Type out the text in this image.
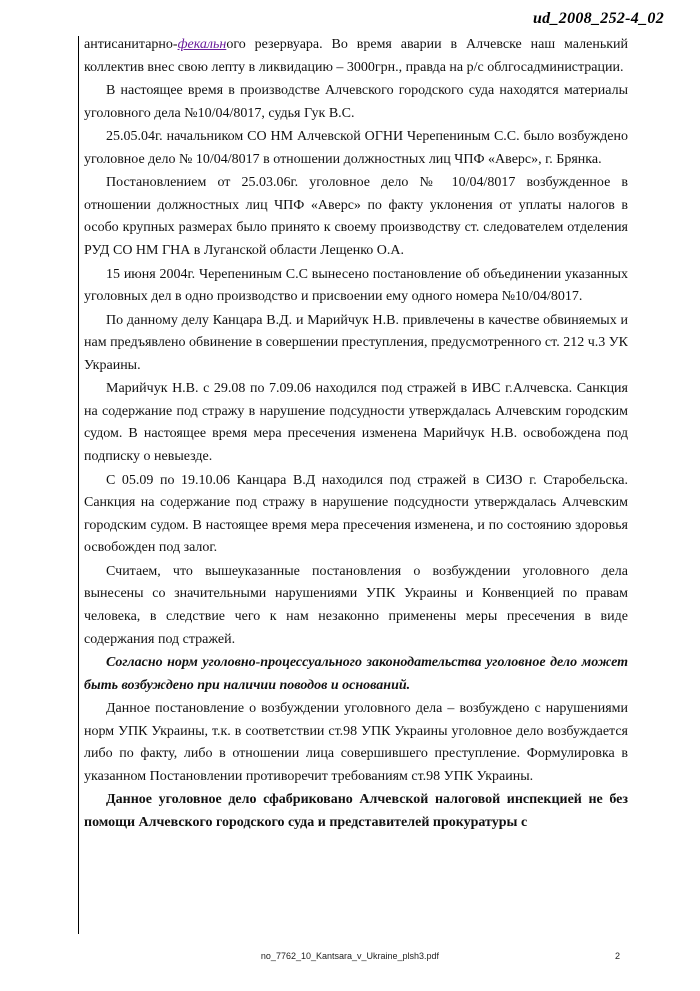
ud_2008_252-4_02

антисанитарно-фекального резервуара. Во время аварии в Алчевске наш маленький коллектив внес свою лепту в ликвидацию – 3000грн., правда на р/с облгосадминистрации.

В настоящее время в производстве Алчевского городского суда находятся материалы уголовного дела №10/04/8017, судья Гук В.С.

25.05.04г. начальником СО НМ Алчевской ОГНИ Черепениным С.С. было возбуждено уголовное дело № 10/04/8017 в отношении должностных лиц ЧПФ «Аверс», г. Брянка.

Постановлением от 25.03.06г. уголовное дело № 10/04/8017 возбужденное в отношении должностных лиц ЧПФ «Аверс» по факту уклонения от уплаты налогов в особо крупных размерах было принято к своему производству ст. следователем отделения РУД СО НМ ГНА в Луганской области Лещенко О.А.

15 июня 2004г. Черепениным С.С вынесено постановление об объединении указанных уголовных дел в одно производство и присвоении ему одного номера №10/04/8017.

По данному делу Канцара В.Д. и Марийчук Н.В. привлечены в качестве обвиняемых и нам предъявлено обвинение в совершении преступления, предусмотренного ст. 212 ч.3 УК Украины.

Марийчук Н.В. с 29.08 по 7.09.06 находился под стражей в ИВС г.Алчевска. Санкция на содержание под стражу в нарушение подсудности утверждалась Алчевским городским судом. В настоящее время мера пресечения изменена Марийчук Н.В. освобождена под подписку о невыезде.

С 05.09 по 19.10.06 Канцара В.Д находился под стражей в СИЗО г. Старобельска. Санкция на содержание под стражу в нарушение подсудности утверждалась Алчевским городским судом. В настоящее время мера пресечения изменена, и по состоянию здоровья освобожден под залог.

Считаем, что вышеуказанные постановления о возбуждении уголовного дела вынесены со значительными нарушениями УПК Украины и Конвенцией по правам человека, в следствие чего к нам незаконно применены меры пресечения в виде содержания под стражей.

Согласно норм уголовно-процессуального законодательства уголовное дело может быть возбуждено при наличии поводов и оснований.

Данное постановление о возбуждении уголовного дела – возбуждено с нарушениями норм УПК Украины, т.к. в соответствии ст.98 УПК Украины уголовное дело возбуждается либо по факту, либо в отношении лица совершившего преступление. Формулировка в указанном Постановлении противоречит требованиям ст.98 УПК Украины.

Данное уголовное дело сфабриковано Алчевской налоговой инспекцией не без помощи Алчевского городского суда и представителей прокуратуры с

no_7762_10_Kantsara_v_Ukraine_plsh3.pdf	2
